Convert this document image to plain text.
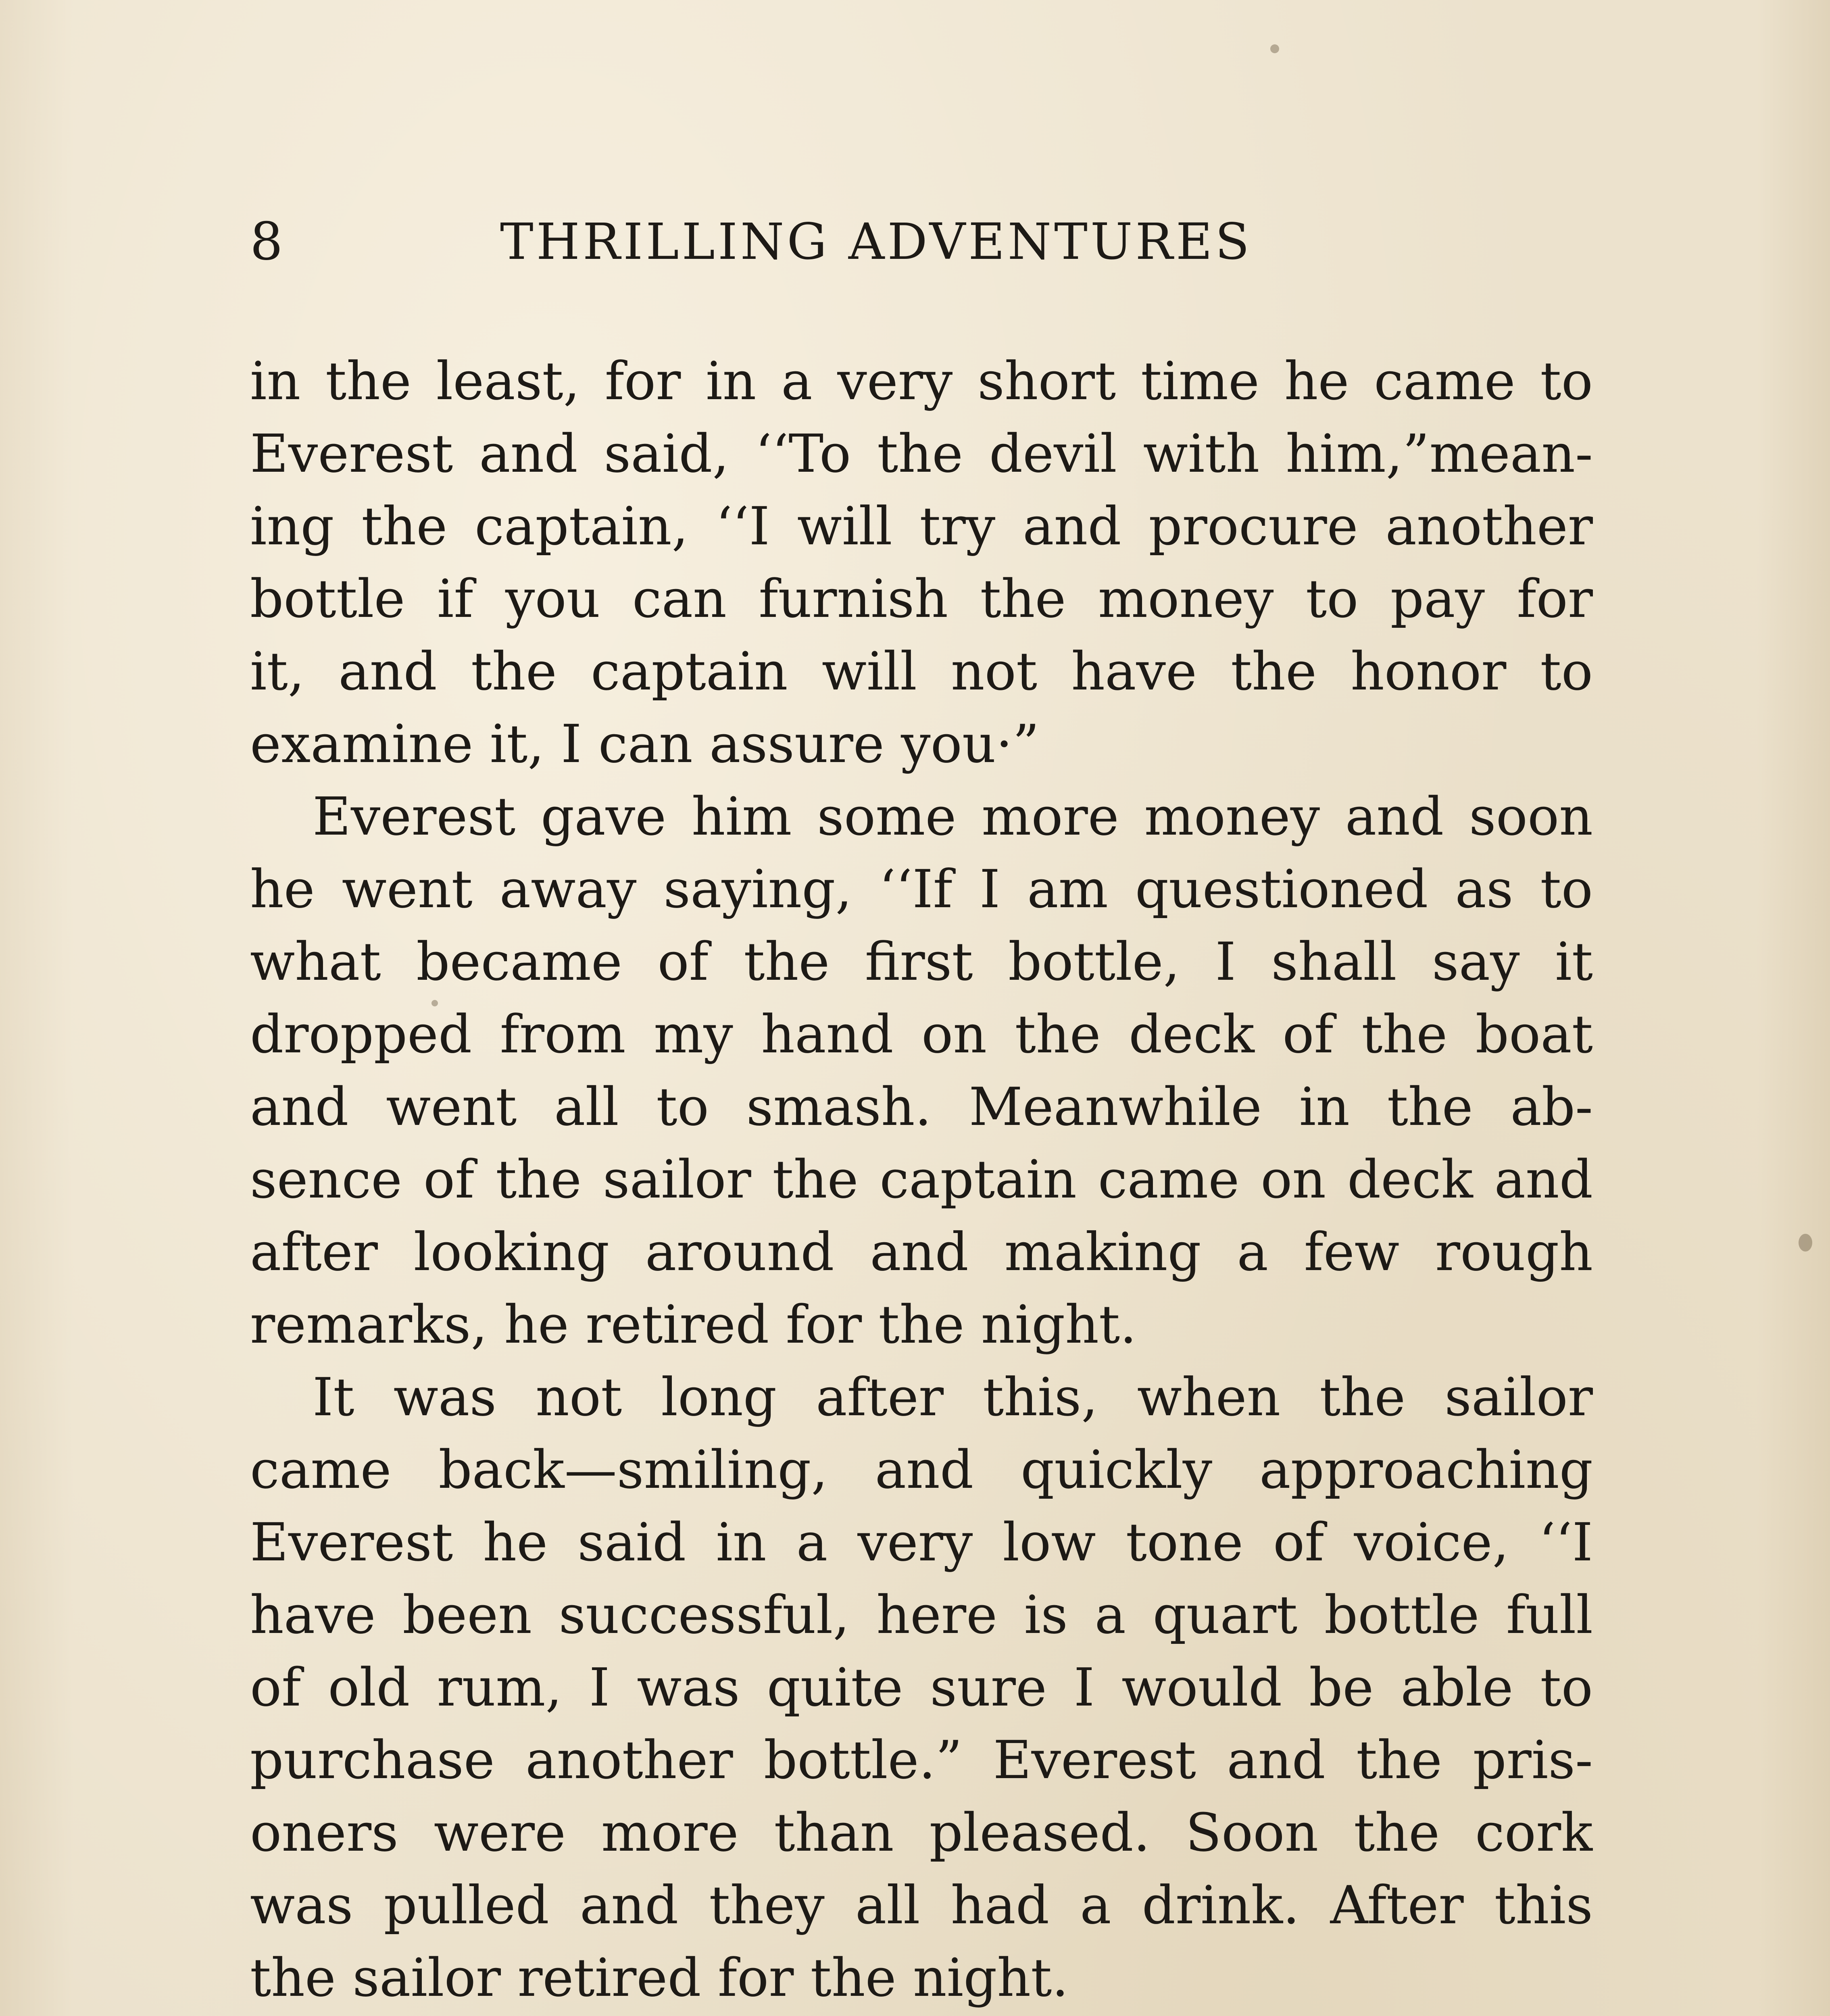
8	THRILLING ADVENTURES
in the least, for in a very short time he came to
Everest and said, ‘‘To the devil with him,”mean-
ing the captain, ‘‘I will try and procure another
bottle if you can furnish the money to pay for
it, and the captain will not have the honor to
examine it, I can assure you·”
Everest gave him some more money and soon
he went away saying, ‘‘If I am questioned as to
what became of the first bottle, I shall say it
dropped from my hand on the deck of the boat
and went all to smash. Meanwhile in the ab-
sence of the sailor the captain came on deck and
after looking around and making a few rough
remarks, he retired for the night.
It was not long after this, when the sailor
came back—smiling, and quickly approaching
Everest he said in a very low tone of voice, ‘‘I
have been successful, here is a quart bottle full
of old rum, I was quite sure I would be able to
purchase another bottle.” Everest and the pris-
oners were more than pleased. Soon the cork
was pulled and they all had a drink. After this
the sailor retired for the night.
